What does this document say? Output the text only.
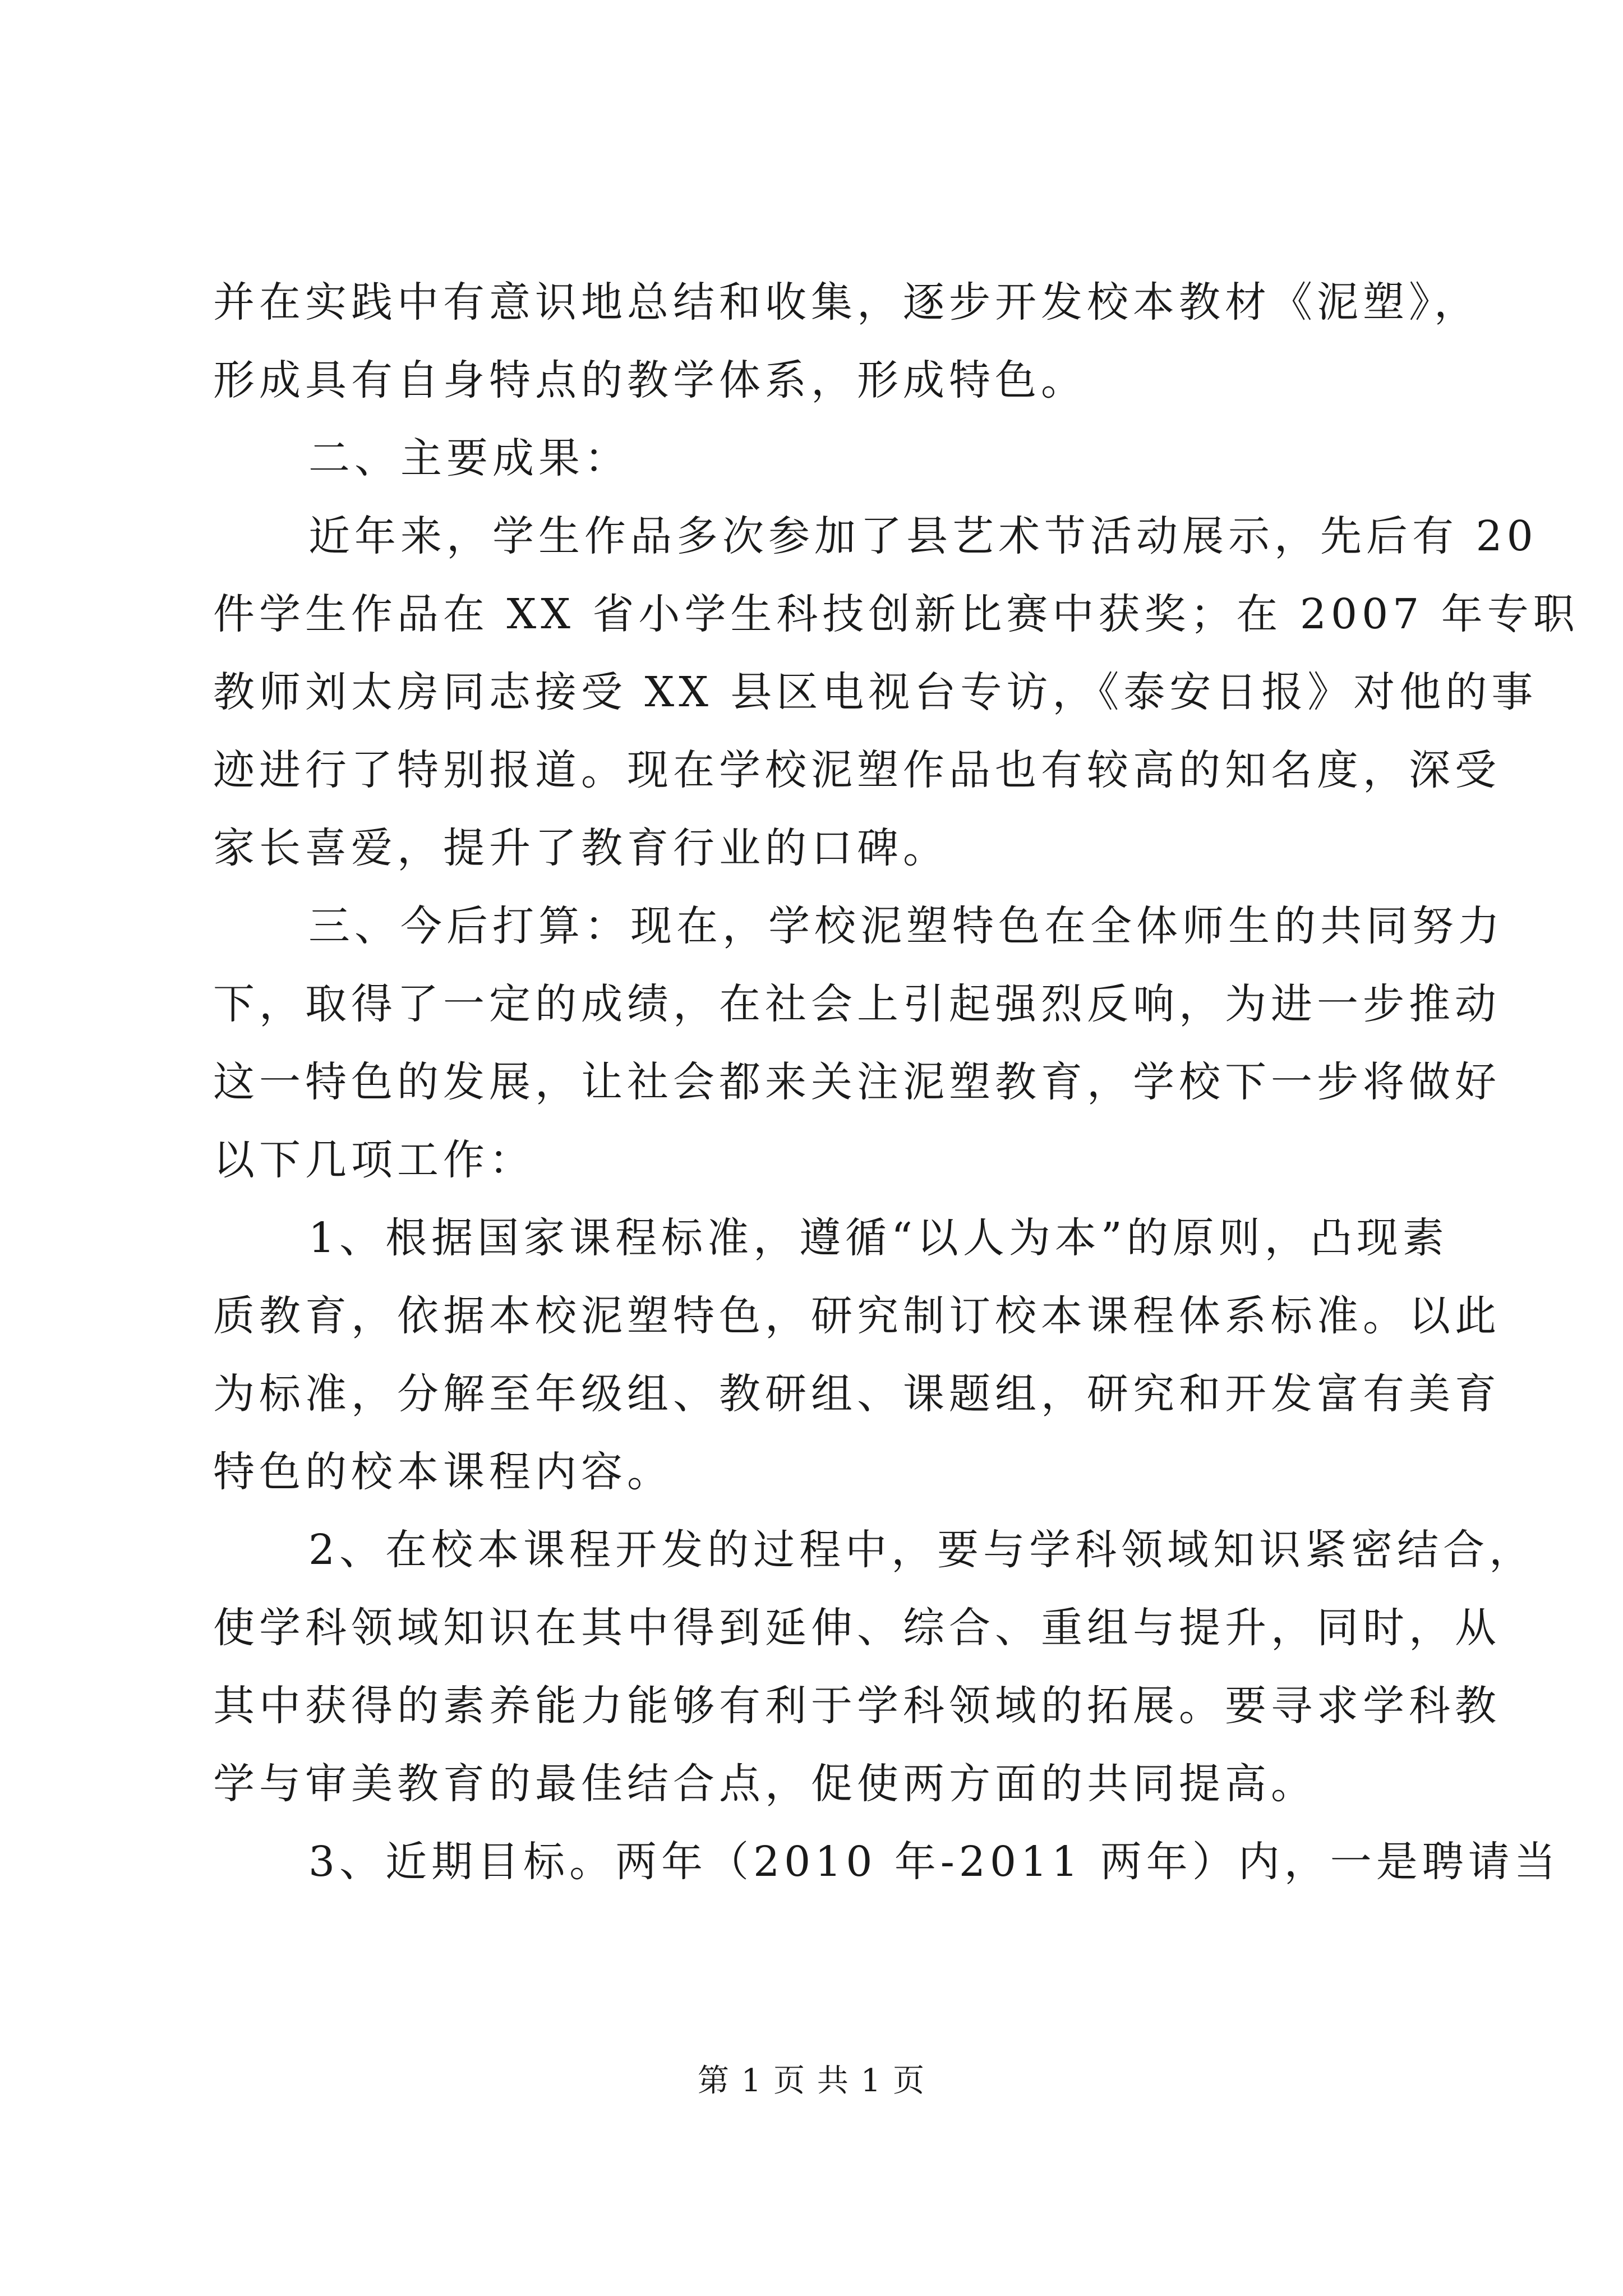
并在实践中有意识地总结和收集，逐步开发校本教材《泥塑》，
形成具有自身特点的教学体系，形成特色。
二、主要成果：
近年来，学生作品多次参加了县艺术节活动展示，先后有 20
件学生作品在 XX 省小学生科技创新比赛中获奖；在 2007 年专职
教师刘太房同志接受 XX 县区电视台专访，《泰安日报》对他的事
迹进行了特别报道。现在学校泥塑作品也有较高的知名度，深受
家长喜爱，提升了教育行业的口碑。
三、今后打算：现在，学校泥塑特色在全体师生的共同努力
下，取得了一定的成绩，在社会上引起强烈反响，为进一步推动
这一特色的发展，让社会都来关注泥塑教育，学校下一步将做好
以下几项工作：
1、根据国家课程标准，遵循“以人为本”的原则，凸现素
质教育，依据本校泥塑特色，研究制订校本课程体系标准。以此
为标准，分解至年级组、教研组、课题组，研究和开发富有美育
特色的校本课程内容。
2、在校本课程开发的过程中，要与学科领域知识紧密结合，
使学科领域知识在其中得到延伸、综合、重组与提升，同时，从
其中获得的素养能力能够有利于学科领域的拓展。要寻求学科教
学与审美教育的最佳结合点，促使两方面的共同提高。
3、近期目标。两年（2010 年-2011 两年）内，一是聘请当
第 1 页 共 1 页
